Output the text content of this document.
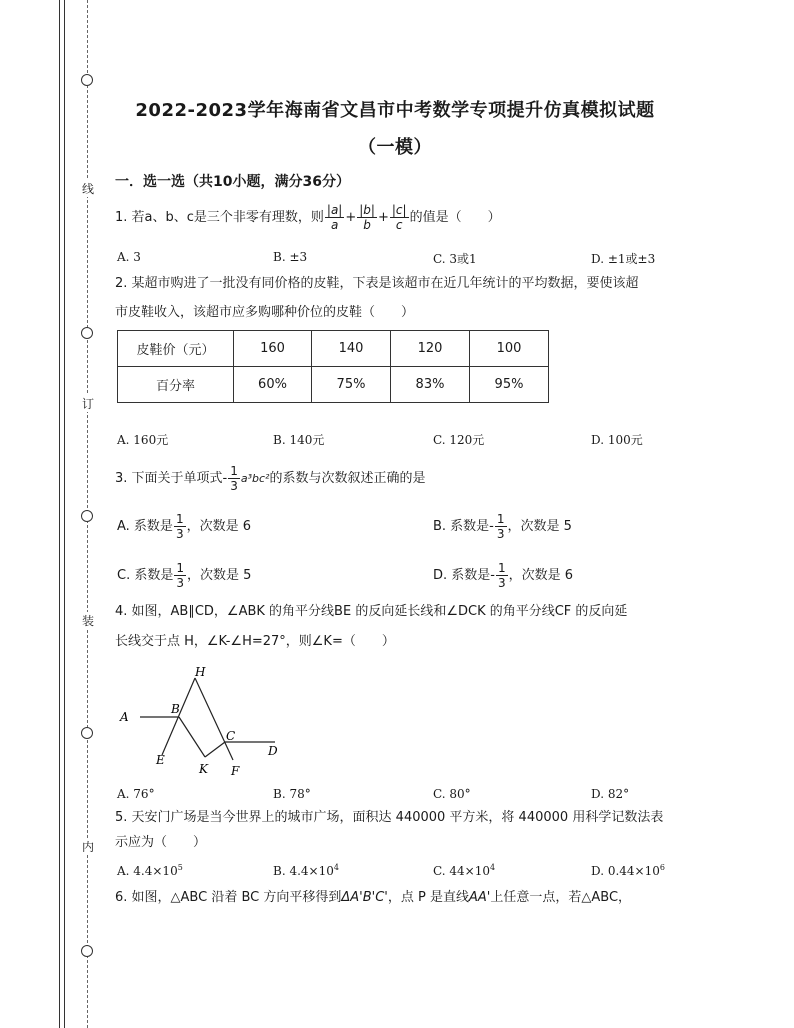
线
订
装
内
2022-2023学年海南省文昌市中考数学专项提升仿真模拟试题
（一模）
一．选一选（共10小题，满分36分）
1. 若a、b、c是三个非零有理数，则 $\frac{|a|}{a} + \frac{|b|}{b} + \frac{|c|}{c}$ 的值是（　　）
A. 3	B. ±3	C. 3或1	D. ±1或±3
2. 某超市购进了一批没有同价格的皮鞋，下表是该超市在近几年统计的平均数据，要使该超
市皮鞋收入，该超市应多购哪种价位的皮鞋（　　）
皮鞋价（元）	160	140	120	100
百分率	60%	75%	83%	95%
A. 160元	B. 140元	C. 120元	D. 100元
3. 下面关于单项式- $\frac{1}{3} a^3bc^2$的系数与次数叙述正确的是
A. 系数是 $\frac{1}{3}$ ，次数是 6	B. 系数是- $\frac{1}{3}$ ，次数是 5
C. 系数是 $\frac{1}{3}$ ，次数是 5	D. 系数是- $\frac{1}{3}$ ，次数是 6
4. 如图，AB∥CD，∠ABK 的角平分线BE 的反向延长线和∠DCK 的角平分线CF 的反向延
长线交于点 H，∠K-∠H=27°，则∠K=（　　）
A
B
H
C
D
E
K F
A. 76°	B. 78°	C. 80°	D. 82°
5. 天安门广场是当今世界上的城市广场，面积达 440000 平方米，将 440000 用科学记数法表
示应为（　　）
A. $4.4\times 10^5$	B. $4.4\times 10^4$	C. $44\times 10^4$	D. $0.44\times 10^6$
6. 如图，△ABC 沿着 BC 方向平移得到ΔA'B'C'，点 P 是直线AA'上任意一点，若△ABC，
